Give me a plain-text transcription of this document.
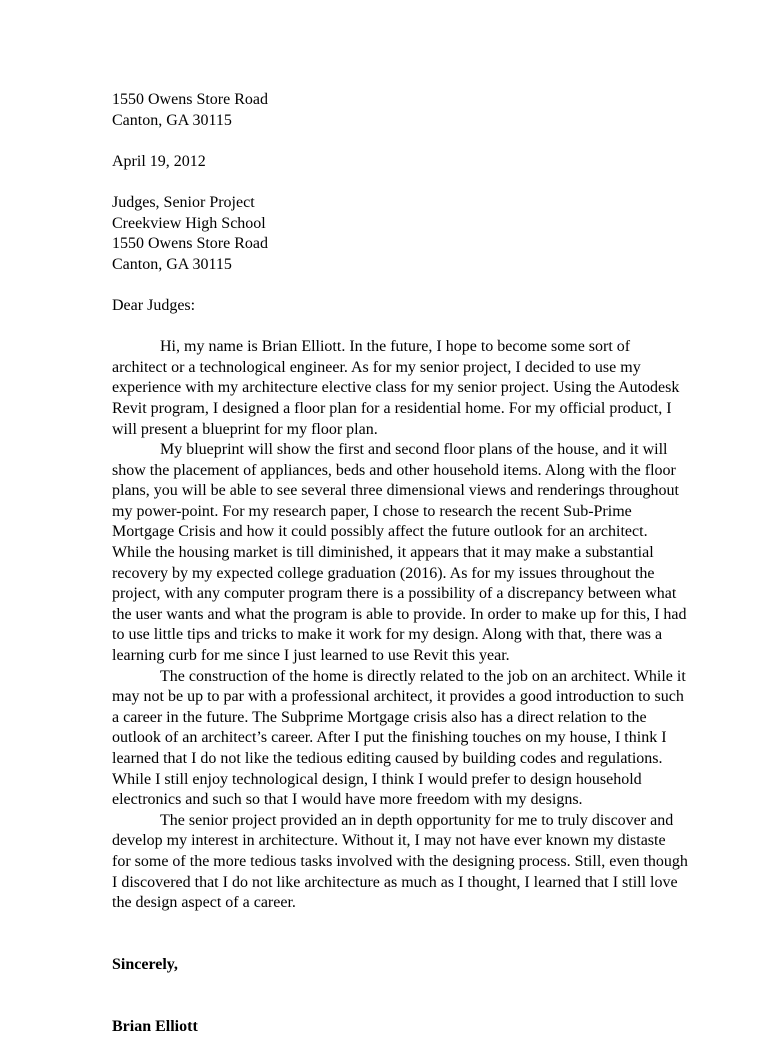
1550 Owens Store Road
Canton, GA 30115
April 19, 2012
Judges, Senior Project
Creekview High School
1550 Owens Store Road
Canton, GA 30115
Dear Judges:
Hi, my name is Brian Elliott. In the future, I hope to become some sort of
architect or a technological engineer. As for my senior project, I decided to use my
experience with my architecture elective class for my senior project. Using the Autodesk
Revit program, I designed a floor plan for a residential home. For my official product, I
will present a blueprint for my floor plan.
My blueprint will show the first and second floor plans of the house, and it will
show the placement of appliances, beds and other household items. Along with the floor
plans, you will be able to see several three dimensional views and renderings throughout
my power-point. For my research paper, I chose to research the recent Sub-Prime
Mortgage Crisis and how it could possibly affect the future outlook for an architect.
While the housing market is till diminished, it appears that it may make a substantial
recovery by my expected college graduation (2016). As for my issues throughout the
project, with any computer program there is a possibility of a discrepancy between what
the user wants and what the program is able to provide. In order to make up for this, I had
to use little tips and tricks to make it work for my design. Along with that, there was a
learning curb for me since I just learned to use Revit this year.
The construction of the home is directly related to the job on an architect. While it
may not be up to par with a professional architect, it provides a good introduction to such
a career in the future. The Subprime Mortgage crisis also has a direct relation to the
outlook of an architect’s career. After I put the finishing touches on my house, I think I
learned that I do not like the tedious editing caused by building codes and regulations.
While I still enjoy technological design, I think I would prefer to design household
electronics and such so that I would have more freedom with my designs.
The senior project provided an in depth opportunity for me to truly discover and
develop my interest in architecture. Without it, I may not have ever known my distaste
for some of the more tedious tasks involved with the designing process. Still, even though
I discovered that I do not like architecture as much as I thought, I learned that I still love
the design aspect of a career.
Sincerely,
Brian Elliott
